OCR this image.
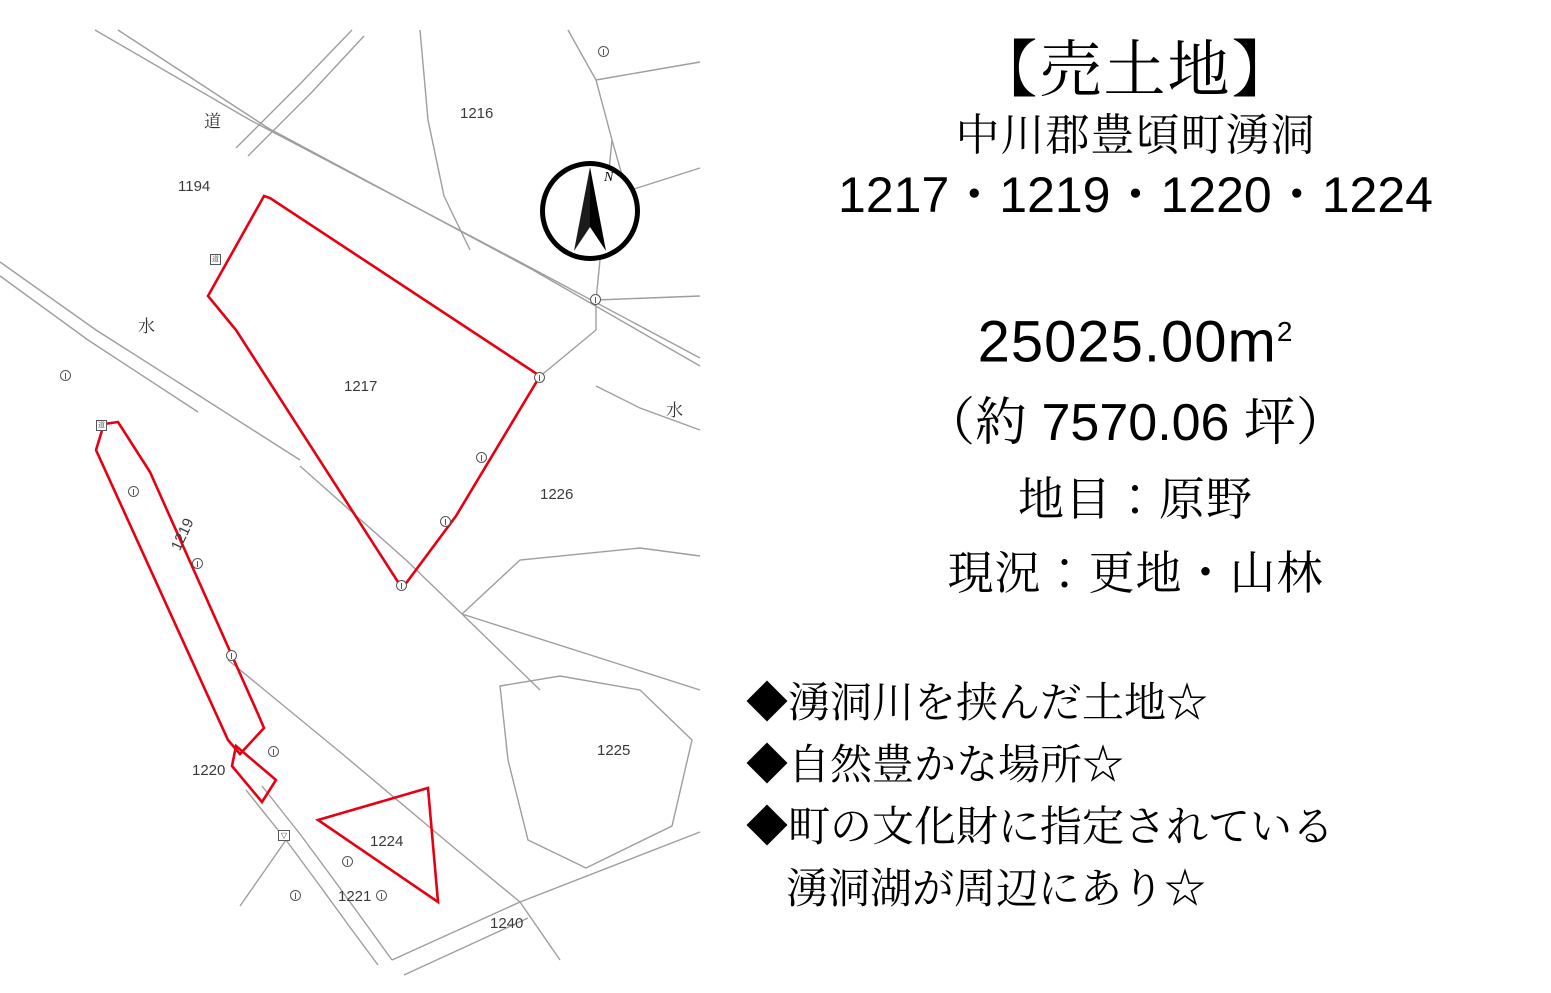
道
道
▽
道
水
水
1216
1194
1217
1226
1219
1225
1220
1224
1221
1240
N
【売土地】
中川郡豊頃町湧洞
1217・1219・1220・1224
$25025.00m^2$
（約 7570.06 坪）
地目：原野
現況：更地・山林
◆湧洞川を挟んだ土地☆
◆自然豊かな場所☆
◆町の文化財に指定されている
湧洞湖が周辺にあり☆
